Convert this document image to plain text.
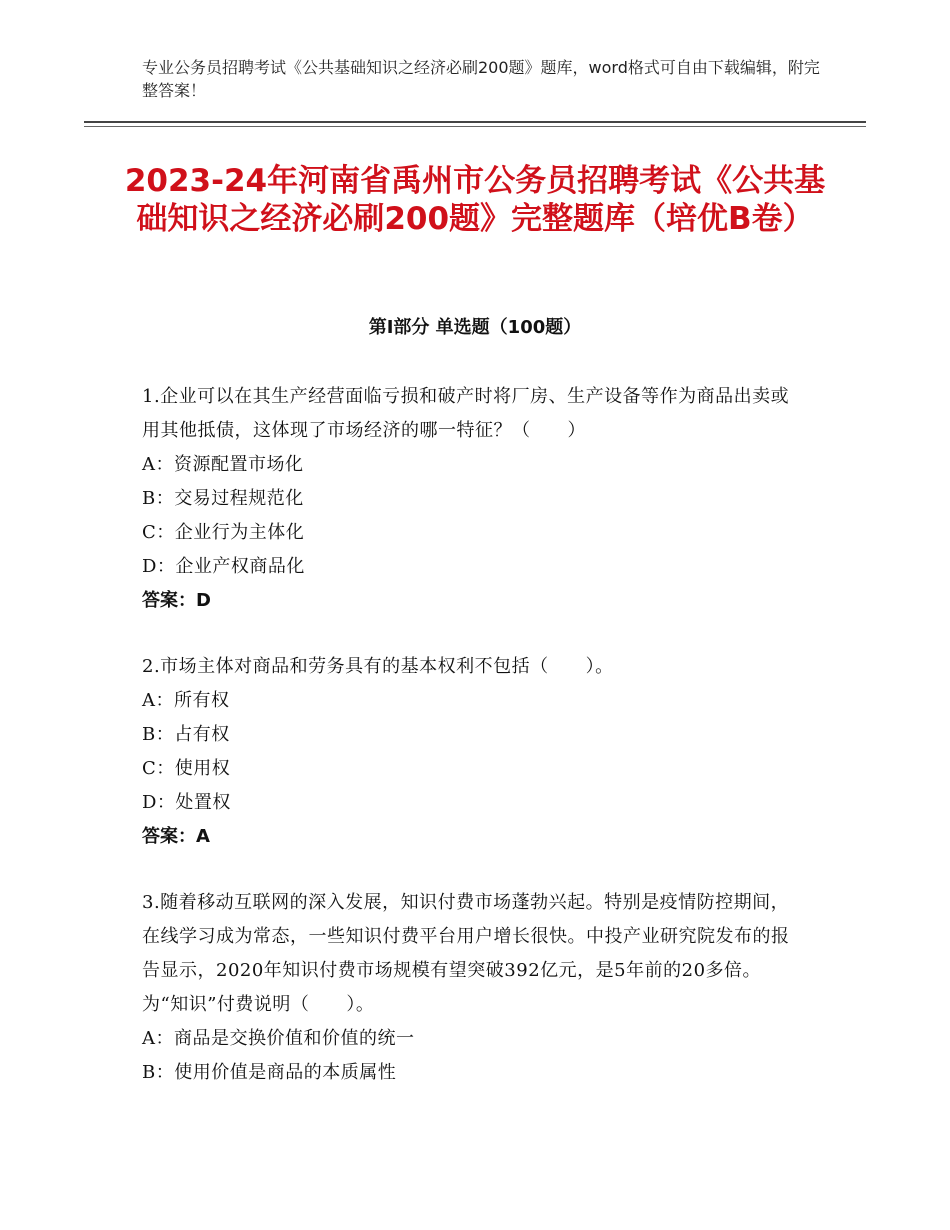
专业公务员招聘考试《公共基础知识之经济必刷200题》题库，word格式可自由下载编辑，附完整答案！
2023-24年河南省禹州市公务员招聘考试《公共基础知识之经济必刷200题》完整题库（培优B卷）
第Ⅰ部分 单选题（100题）

1.企业可以在其生产经营面临亏损和破产时将厂房、生产设备等作为商品出卖或用其他抵债，这体现了市场经济的哪一特征？（　　）

A：资源配置市场化

B：交易过程规范化

C：企业行为主体化

D：企业产权商品化

答案：D

2.市场主体对商品和劳务具有的基本权利不包括（　　）。

A：所有权

B：占有权

C：使用权

D：处置权

答案：A

3.随着移动互联网的深入发展，知识付费市场蓬勃兴起。特别是疫情防控期间，在线学习成为常态，一些知识付费平台用户增长很快。中投产业研究院发布的报告显示，2020年知识付费市场规模有望突破392亿元，是5年前的20多倍。为“知识”付费说明（　　）。

A：商品是交换价值和价值的统一

B：使用价值是商品的本质属性
